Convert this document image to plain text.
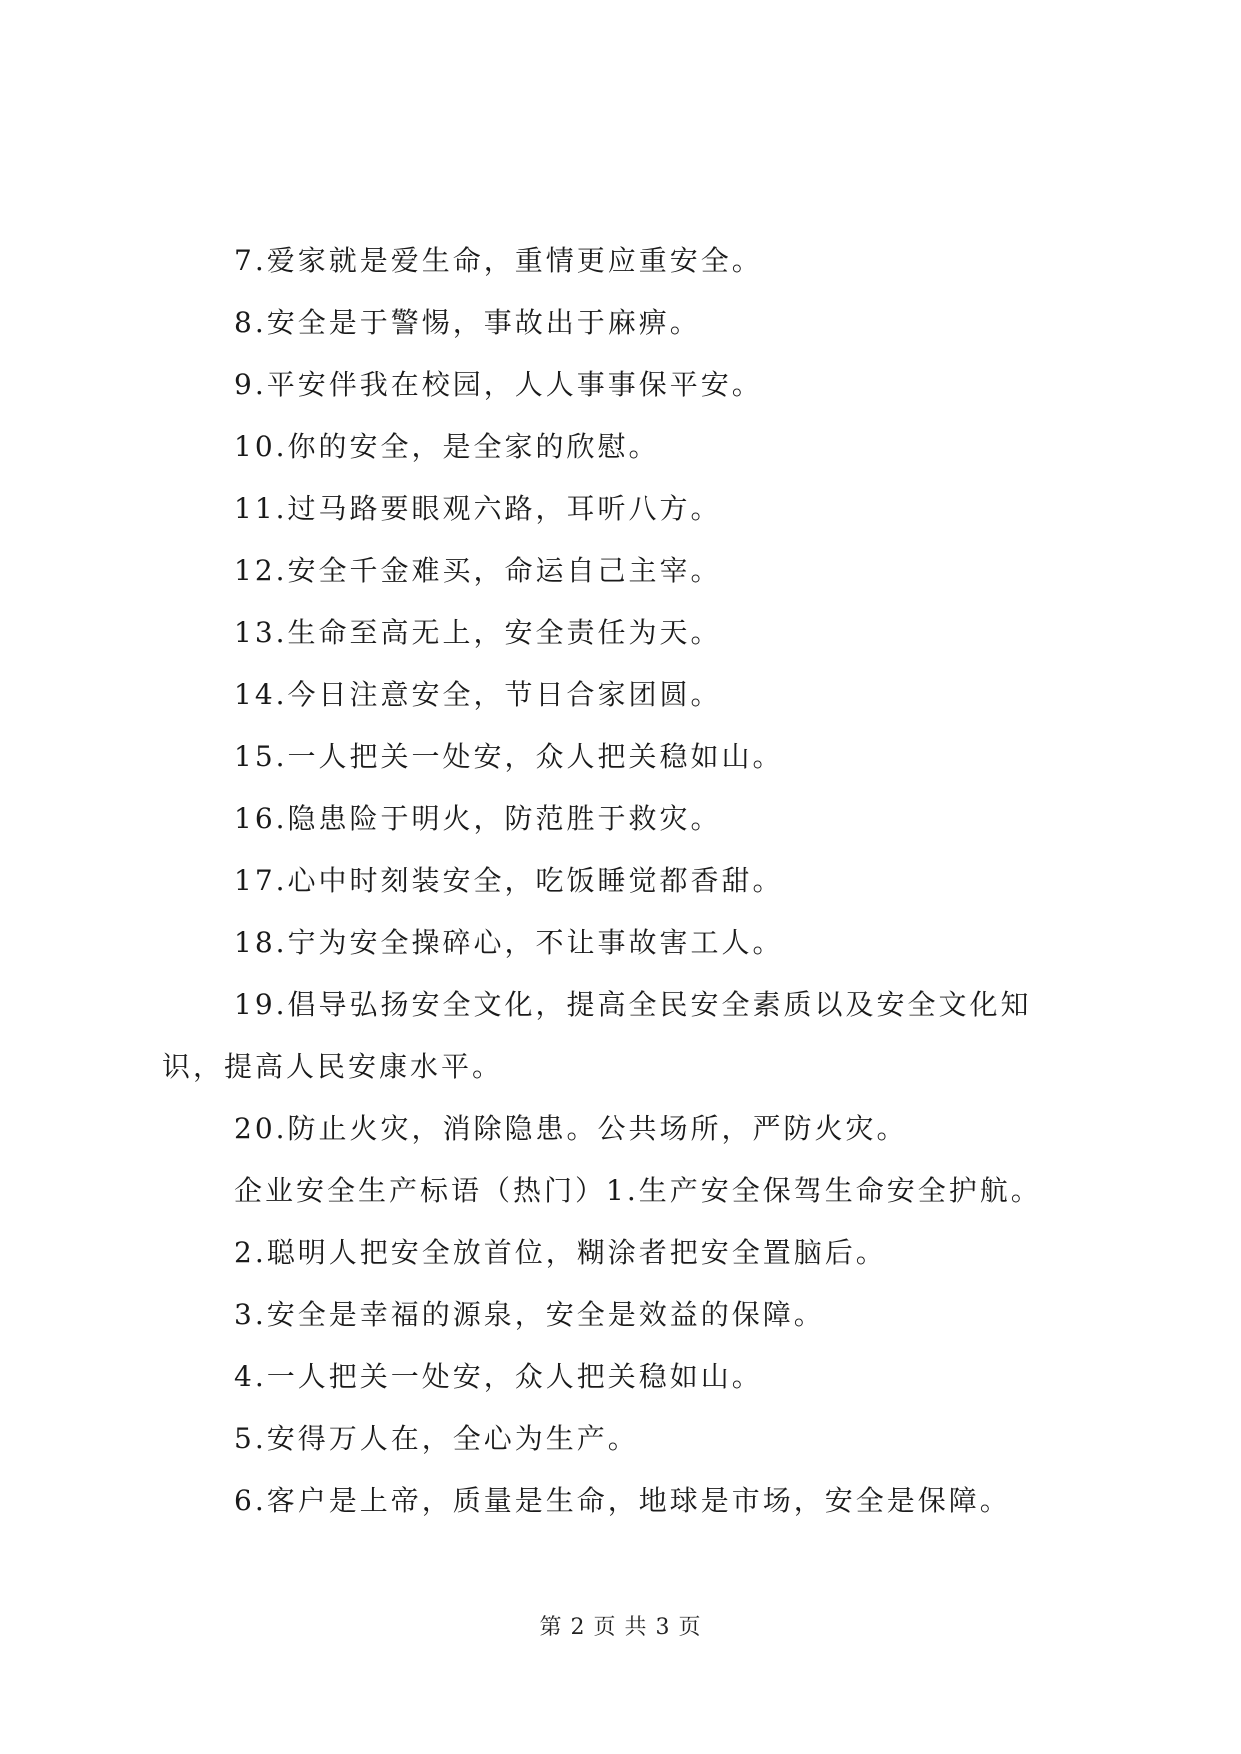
7.爱家就是爱生命，重情更应重安全。
8.安全是于警惕，事故出于麻痹。
9.平安伴我在校园，人人事事保平安。
10.你的安全，是全家的欣慰。
11.过马路要眼观六路，耳听八方。
12.安全千金难买，命运自己主宰。
13.生命至高无上，安全责任为天。
14.今日注意安全，节日合家团圆。
15.一人把关一处安，众人把关稳如山。
16.隐患险于明火，防范胜于救灾。
17.心中时刻装安全，吃饭睡觉都香甜。
18.宁为安全操碎心，不让事故害工人。
19.倡导弘扬安全文化，提高全民安全素质以及安全文化知
识，提高人民安康水平。
20.防止火灾，消除隐患。公共场所，严防火灾。
企业安全生产标语（热门）1.生产安全保驾生命安全护航。
2.聪明人把安全放首位，糊涂者把安全置脑后。
3.安全是幸福的源泉，安全是效益的保障。
4.一人把关一处安，众人把关稳如山。
5.安得万人在，全心为生产。
6.客户是上帝，质量是生命，地球是市场，安全是保障。
第 2 页 共 3 页
